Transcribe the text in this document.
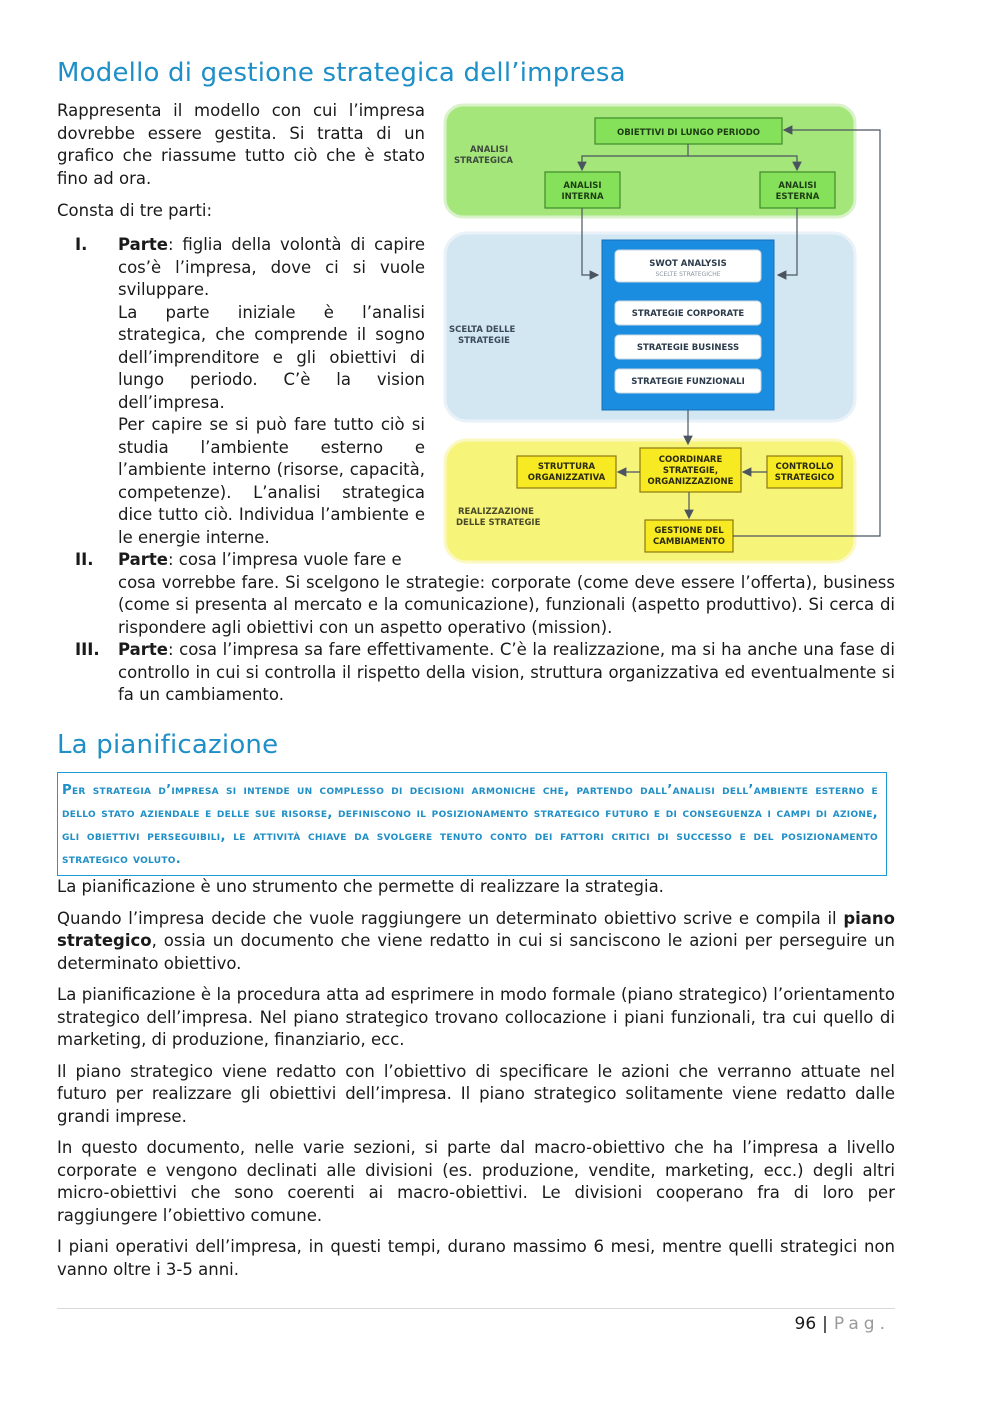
Modello di gestione strategica dell’impresa

Rappresenta il modello con cui l’impresa dovrebbe essere gestita. Si tratta di un grafico che riassume tutto ciò che è stato fino ad ora.

Consta di tre parti:

I. Parte: figlia della volontà di capire cos’è l’impresa, dove ci si vuole svilupparе.
La parte iniziale è l’analisi strategica, che comprende il sogno dell’imprenditore e gli obiettivi di lungo periodo. C’è la vision dell’impresa.
Per capire se si può fare tutto ciò si studia l’ambiente esterno e l’ambiente interno (risorse, capacità, competenze). L’analisi strategica dice tutto ciò. Individua l’ambiente e le energie interne.
II. Parte: cosa l’impresa vuole fare e
cosa vorrebbe fare. Si scelgono le strategie: corporate (come deve essere l’offerta), business (come si presenta al mercato e la comunicazione), funzionali (aspetto produttivo). Si cerca di rispondere agli obiettivi con un aspetto operativo (mission).
III. Parte: cosa l’impresa sa fare effettivamente. C’è la realizzazione, ma si ha anche una fase di controllo in cui si controlla il rispetto della vision, struttura organizzativa ed eventualmente si fa un cambiamento.
ANALISI STRATEGICA
SCELTA DELLE STRATEGIE
REALIZZAZIONE DELLE STRATEGIE
OBIETTIVI DI LUNGO PERIODO
ANALISI INTERNA
ANALISI ESTERNA
SWOT ANALYSIS
SCELTE STRATEGICHE
STRATEGIE CORPORATE
STRATEGIE BUSINESS
STRATEGIE FUNZIONALI
STRUTTURA ORGANIZZATIVA
COORDINARE STRATEGIE, ORGANIZZAZIONE
CONTROLLO STRATEGICO
GESTIONE DEL CAMBIAMENTO
La pianificazione

Per strategia d’impresa si intende un complesso di decisioni armoniche che, partendo dall’analisi dell’ambiente esterno e dello stato aziendale e delle sue risorse, definiscono il posizionamento strategico futuro e di conseguenza i campi di azione, gli obiettivi perseguibili, le attività chiave da svolgere tenuto conto dei fattori critici di successo e del posizionamento strategico voluto.

La pianificazione è uno strumento che permette di realizzare la strategia.

Quando l’impresa decide che vuole raggiungere un determinato obiettivo scrive e compila il piano strategico, ossia un documento che viene redatto in cui si sanciscono le azioni per perseguire un determinato obiettivo.

La pianificazione è la procedura atta ad esprimere in modo formale (piano strategico) l’orientamento strategico dell’impresa. Nel piano strategico trovano collocazione i piani funzionali, tra cui quello di marketing, di produzione, finanziario, ecc.

Il piano strategico viene redatto con l’obiettivo di specificare le azioni che verranno attuate nel futuro per realizzare gli obiettivi dell’impresa. Il piano strategico solitamente viene redatto dalle grandi imprese.

In questo documento, nelle varie sezioni, si parte dal macro-obiettivo che ha l’impresa a livello corporate e vengono declinati alle divisioni (es. produzione, vendite, marketing, ecc.) degli altri micro-obiettivi che sono coerenti ai macro-obiettivi. Le divisioni cooperano fra di loro per raggiungere l’obiettivo comune.

I piani operativi dell’impresa, in questi tempi, durano massimo 6 mesi, mentre quelli strategici non vanno oltre i 3-5 anni.

96 | Pag.
